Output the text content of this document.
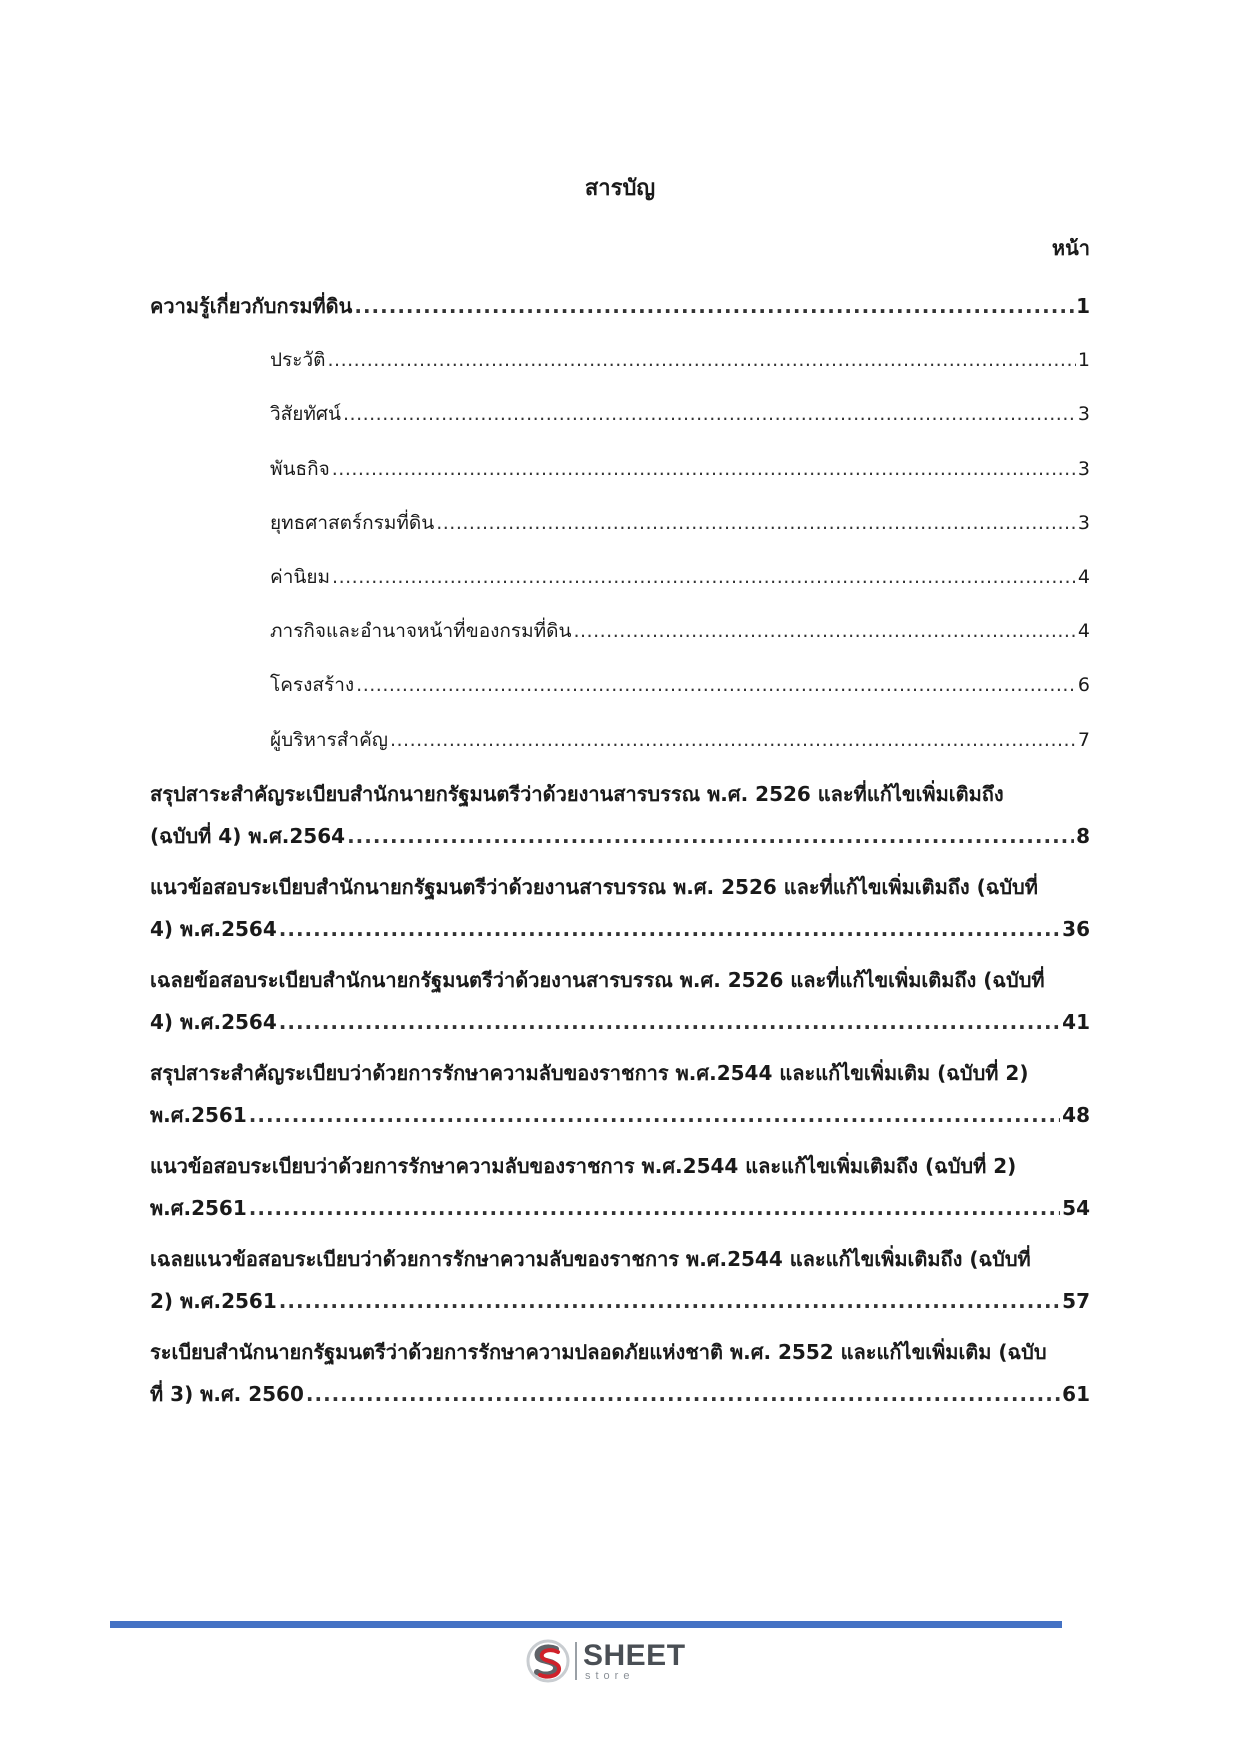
สารบัญ
หน้า
ความรู้เกี่ยวกับกรมที่ดิน .....	1
ประวัติ .....	1
วิสัยทัศน์ .....	3
พันธกิจ .....	3
ยุทธศาสตร์กรมที่ดิน .....	3
ค่านิยม .....	4
ภารกิจและอำนาจหน้าที่ของกรมที่ดิน .....	4
โครงสร้าง .....	6
ผู้บริหารสำคัญ .....	7
สรุปสาระสำคัญระเบียบสำนักนายกรัฐมนตรีว่าด้วยงานสารบรรณ พ.ศ. 2526 และที่แก้ไขเพิ่มเติมถึง
(ฉบับที่ 4) พ.ศ.2564 .....	8
แนวข้อสอบระเบียบสำนักนายกรัฐมนตรีว่าด้วยงานสารบรรณ พ.ศ. 2526 และที่แก้ไขเพิ่มเติมถึง (ฉบับที่
4) พ.ศ.2564 .....	36
เฉลยข้อสอบระเบียบสำนักนายกรัฐมนตรีว่าด้วยงานสารบรรณ พ.ศ. 2526 และที่แก้ไขเพิ่มเติมถึง (ฉบับที่
4) พ.ศ.2564 .....	41
สรุปสาระสำคัญระเบียบว่าด้วยการรักษาความลับของราชการ พ.ศ.2544 และแก้ไขเพิ่มเติม (ฉบับที่ 2)
พ.ศ.2561 .....	48
แนวข้อสอบระเบียบว่าด้วยการรักษาความลับของราชการ พ.ศ.2544 และแก้ไขเพิ่มเติมถึง (ฉบับที่ 2)
พ.ศ.2561 .....	54
เฉลยแนวข้อสอบระเบียบว่าด้วยการรักษาความลับของราชการ พ.ศ.2544 และแก้ไขเพิ่มเติมถึง (ฉบับที่
2) พ.ศ.2561 .....	57
ระเบียบสำนักนายกรัฐมนตรีว่าด้วยการรักษาความปลอดภัยแห่งชาติ พ.ศ. 2552 และแก้ไขเพิ่มเติม (ฉบับ
ที่ 3) พ.ศ. 2560 .....	61
SHEET
store
